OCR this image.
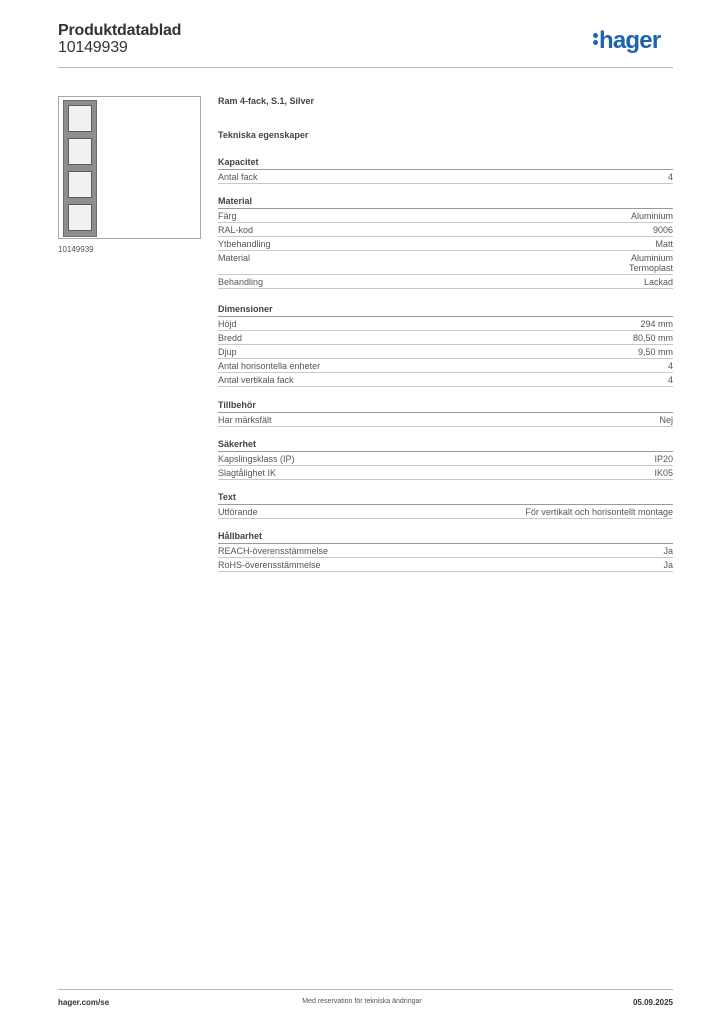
Produktdatablad
10149939	hager
10149939
Ram 4-fack, S.1, Silver
Tekniska egenskaper
Kapacitet
Antal fack	4
Material
Färg	Aluminium
RAL-kod	9006
Ytbehandling	Matt
Material	Aluminium
Termoplast
Behandling	Lackad
Dimensioner
Höjd	294 mm
Bredd	80,50 mm
Djup	9,50 mm
Antal horisontella enheter	4
Antal vertikala fack	4
Tillbehör
Har märksfält	Nej
Säkerhet
Kapslingsklass (IP)	IP20
Slagtålighet IK	IK05
Text
Utförande	För vertikalt och horisontellt montage
Hållbarhet
REACH-överensstämmelse	Ja
RoHS-överensstämmelse	Ja
hager.com/se	Med reservation för tekniska ändringar	05.09.2025
